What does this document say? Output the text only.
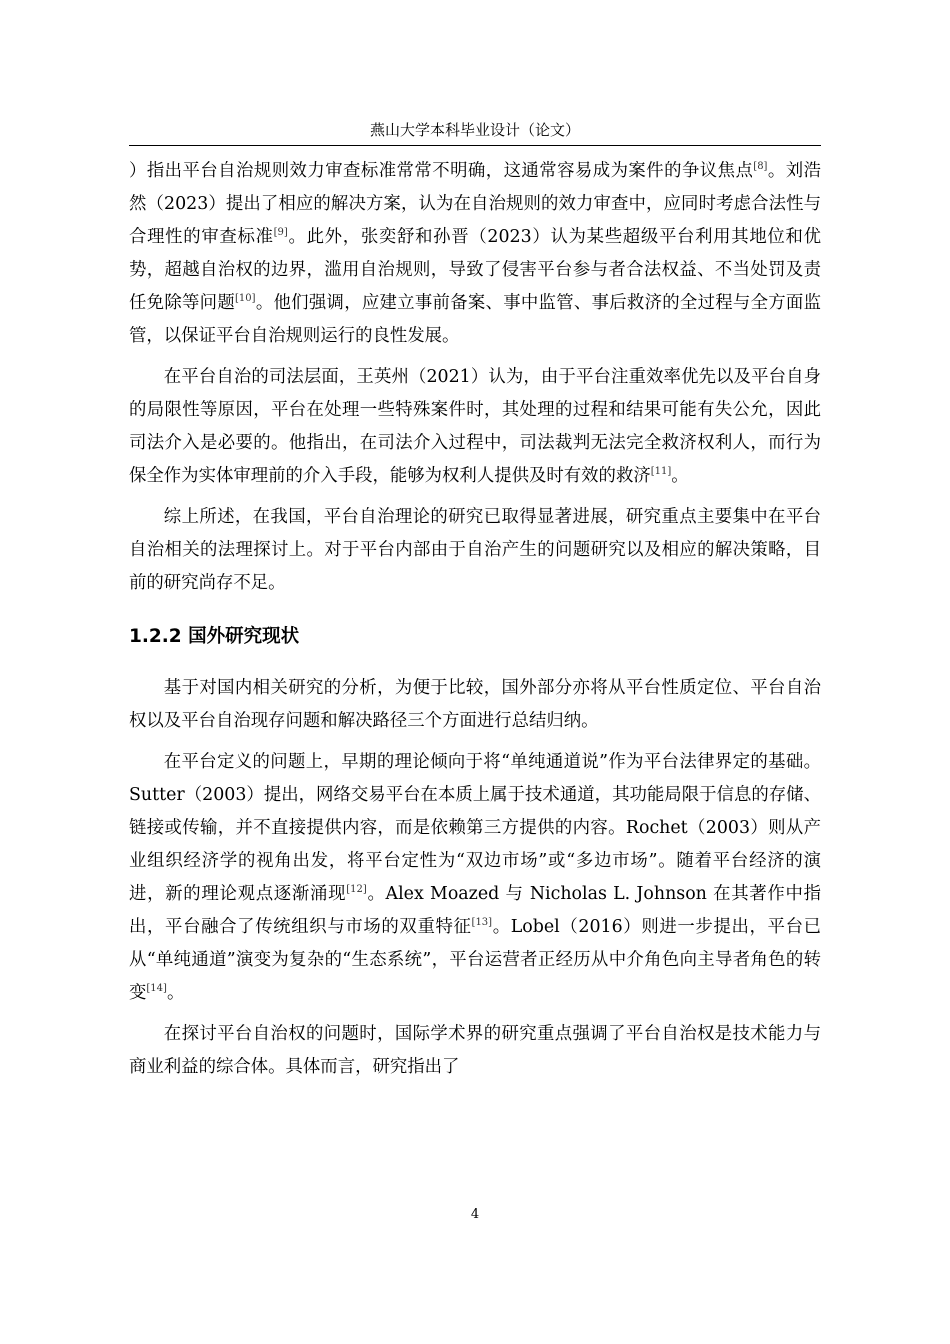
燕山大学本科毕业设计（论文）

）指出平台自治规则效力审查标准常常不明确，这通常容易成为案件的争议焦点[8]。刘浩然（2023）提出了相应的解决方案，认为在自治规则的效力审查中，应同时考虑合法性与合理性的审查标准[9]。此外，张奕舒和孙晋（2023）认为某些超级平台利用其地位和优势，超越自治权的边界，滥用自治规则，导致了侵害平台参与者合法权益、不当处罚及责任免除等问题[10]。他们强调，应建立事前备案、事中监管、事后救济的全过程与全方面监管，以保证平台自治规则运行的良性发展。

在平台自治的司法层面，王英州（2021）认为，由于平台注重效率优先以及平台自身的局限性等原因，平台在处理一些特殊案件时，其处理的过程和结果可能有失公允，因此司法介入是必要的。他指出，在司法介入过程中，司法裁判无法完全救济权利人，而行为保全作为实体审理前的介入手段，能够为权利人提供及时有效的救济[11]。

综上所述，在我国，平台自治理论的研究已取得显著进展，研究重点主要集中在平台自治相关的法理探讨上。对于平台内部由于自治产生的问题研究以及相应的解决策略，目前的研究尚存不足。

1.2.2 国外研究现状

基于对国内相关研究的分析，为便于比较，国外部分亦将从平台性质定位、平台自治权以及平台自治现存问题和解决路径三个方面进行总结归纳。

在平台定义的问题上，早期的理论倾向于将“单纯通道说”作为平台法律界定的基础。Sutter（2003）提出，网络交易平台在本质上属于技术通道，其功能局限于信息的存储、链接或传输，并不直接提供内容，而是依赖第三方提供的内容。Rochet（2003）则从产业组织经济学的视角出发，将平台定性为“双边市场”或“多边市场”。随着平台经济的演进，新的理论观点逐渐涌现[12]。Alex Moazed 与 Nicholas L. Johnson 在其著作中指出，平台融合了传统组织与市场的双重特征[13]。Lobel（2016）则进一步提出，平台已从“单纯通道”演变为复杂的“生态系统”，平台运营者正经历从中介角色向主导者角色的转变[14]。

在探讨平台自治权的问题时，国际学术界的研究重点强调了平台自治权是技术能力与商业利益的综合体。具体而言，研究指出了

4
